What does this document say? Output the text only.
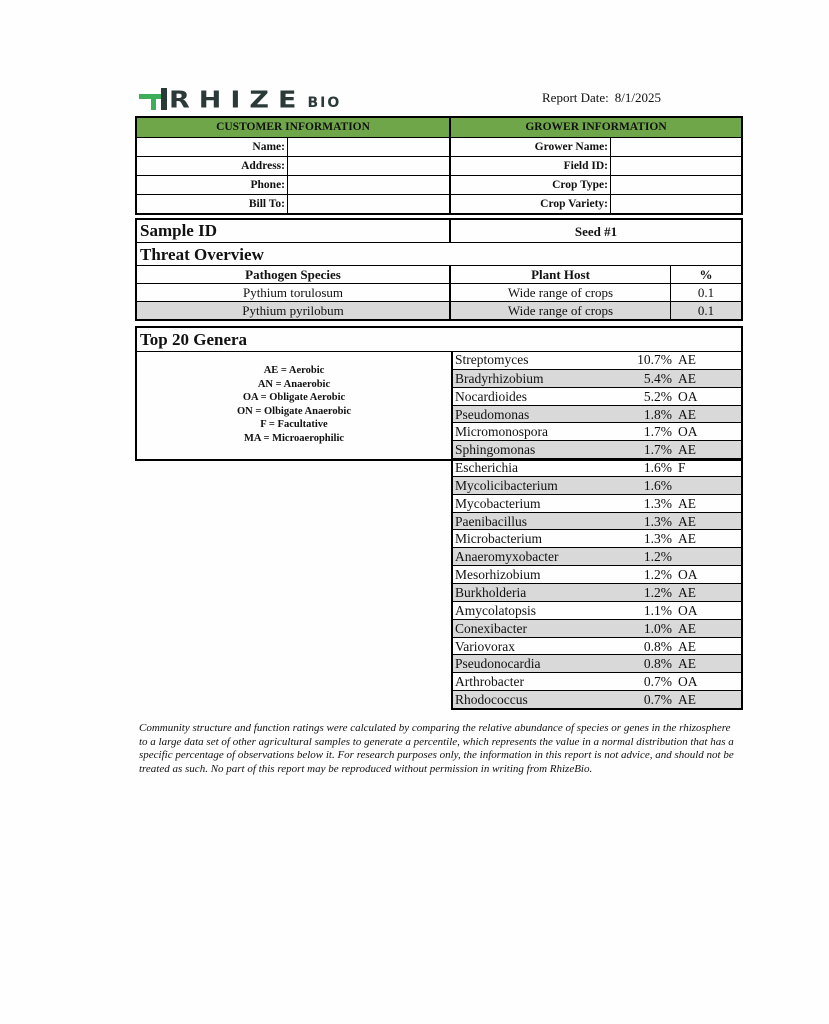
RHIZE BIO	Report Date: 8/1/2025
CUSTOMER INFORMATION	GROWER INFORMATION
Name:	Grower Name:
Address:	Field ID:
Phone:	Crop Type:
Bill To:	Crop Variety:
Sample ID	Seed #1
Threat Overview
Pathogen Species	Plant Host	%
Pythium torulosum	Wide range of crops	0.1
Pythium pyrilobum	Wide range of crops	0.1
Top 20 Genera
AE = Aerobic
AN = Anaerobic
OA = Obligate Aerobic
ON = Olbigate Anaerobic
F = Facultative
MA = Microaerophilic
Streptomyces	10.7% AE
Bradyrhizobium	5.4% AE
Nocardioides	5.2% OA
Pseudomonas	1.8% AE
Micromonospora	1.7% OA
Sphingomonas	1.7% AE
Escherichia	1.6% F
Mycolicibacterium	1.6%
Mycobacterium	1.3% AE
Paenibacillus	1.3% AE
Microbacterium	1.3% AE
Anaeromyxobacter	1.2%
Mesorhizobium	1.2% OA
Burkholderia	1.2% AE
Amycolatopsis	1.1% OA
Conexibacter	1.0% AE
Variovorax	0.8% AE
Pseudonocardia	0.8% AE
Arthrobacter	0.7% OA
Rhodococcus	0.7% AE
Community structure and function ratings were calculated by comparing the relative abundance of species or genes in the rhizosphere to a large data set of other agricultural samples to generate a percentile, which represents the value in a normal distribution that has a specific percentage of observations below it. For research purposes only, the information in this report is not advice, and should not be treated as such. No part of this report may be reproduced without permission in writing from RhizeBio.
